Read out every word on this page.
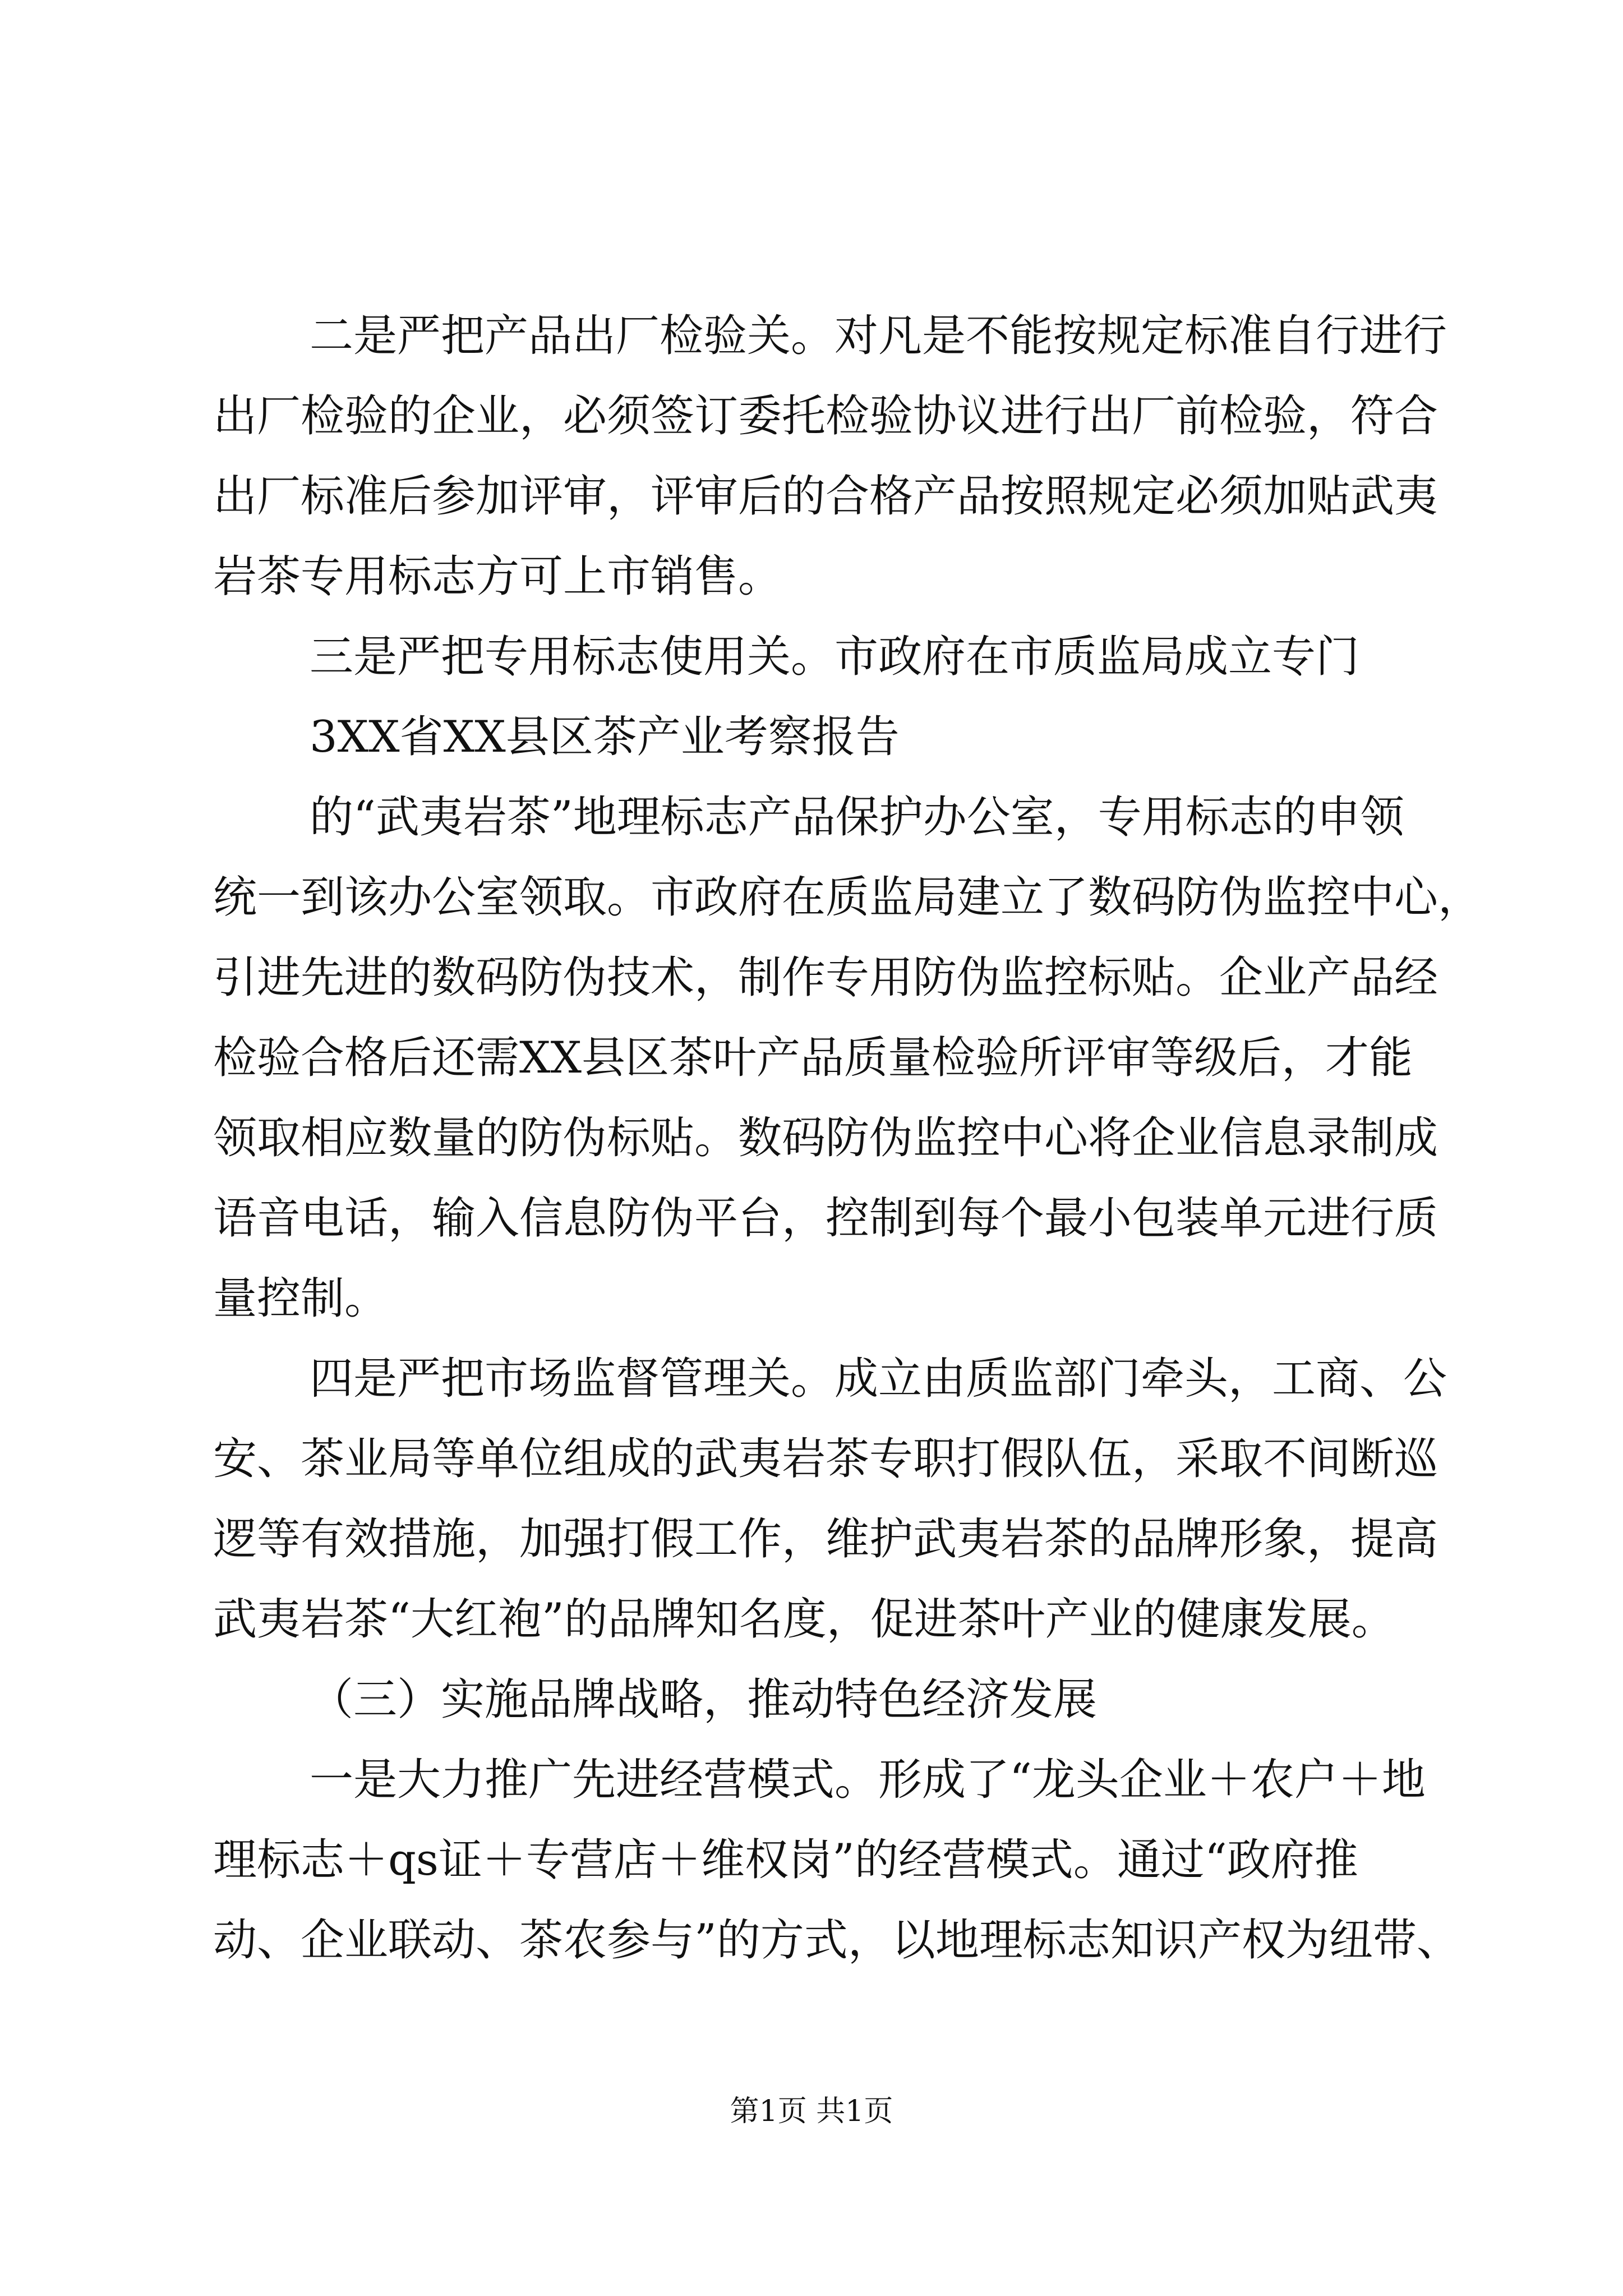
二是严把产品出厂检验关。对凡是不能按规定标准自行进行
出厂检验的企业，必须签订委托检验协议进行出厂前检验，符合
出厂标准后参加评审，评审后的合格产品按照规定必须加贴武夷
岩茶专用标志方可上市销售。
三是严把专用标志使用关。市政府在市质监局成立专门
3XX省XX县区茶产业考察报告
的“武夷岩茶”地理标志产品保护办公室，专用标志的申领
统一到该办公室领取。市政府在质监局建立了数码防伪监控中心，
引进先进的数码防伪技术，制作专用防伪监控标贴。企业产品经
检验合格后还需XX县区茶叶产品质量检验所评审等级后，才能
领取相应数量的防伪标贴。数码防伪监控中心将企业信息录制成
语音电话，输入信息防伪平台，控制到每个最小包装单元进行质
量控制。
四是严把市场监督管理关。成立由质监部门牵头，工商、公
安、茶业局等单位组成的武夷岩茶专职打假队伍，采取不间断巡
逻等有效措施，加强打假工作，维护武夷岩茶的品牌形象，提高
武夷岩茶“大红袍”的品牌知名度，促进茶叶产业的健康发展。
（三）实施品牌战略，推动特色经济发展
一是大力推广先进经营模式。形成了“龙头企业＋农户＋地
理标志＋qs证＋专营店＋维权岗”的经营模式。通过“政府推
动、企业联动、茶农参与”的方式，以地理标志知识产权为纽带、
第1页 共1页
